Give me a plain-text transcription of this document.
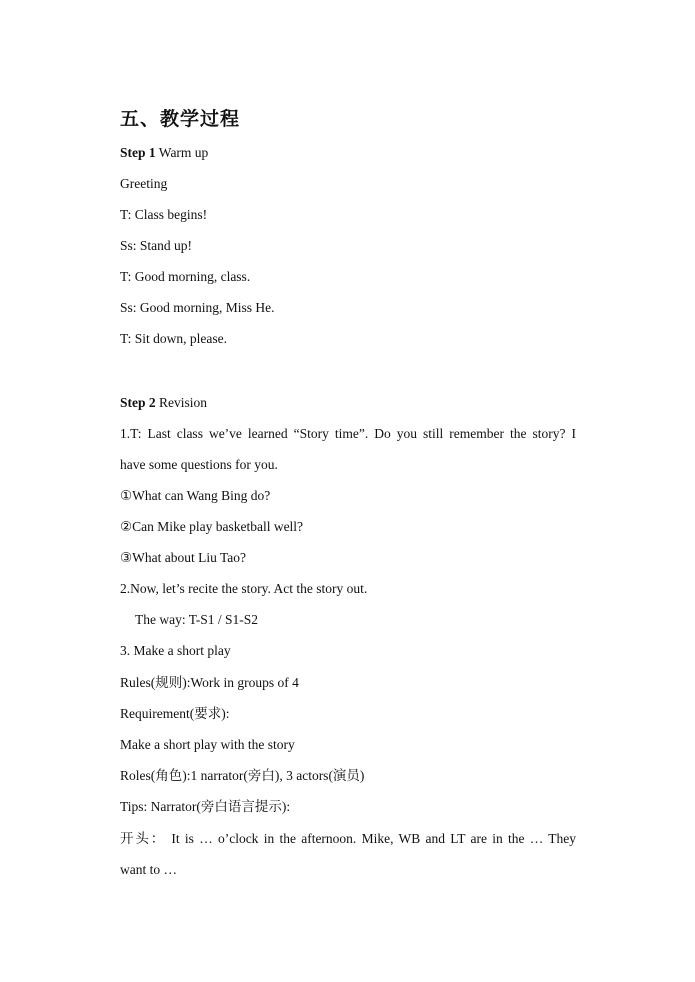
五、教学过程
Step 1 Warm up
Greeting
T: Class begins!
Ss: Stand up!
T: Good morning, class.
Ss: Good morning, Miss He.
T: Sit down, please.
Step 2 Revision
1.T: Last class we’ve learned “Story time”. Do you still remember the story? I
have some questions for you.
①What can Wang Bing do?
②Can Mike play basketball well?
③What about Liu Tao?
2.Now, let’s recite the story. Act the story out.
The way: T-S1 / S1-S2
3. Make a short play
Rules(规则):Work in groups of 4
Requirement(要求):
Make a short play with the story
Roles(角色):1 narrator(旁白), 3 actors(演员)
Tips: Narrator(旁白语言提示):
开头： It is … o’clock in the afternoon. Mike, WB and LT are in the … They
want to …
